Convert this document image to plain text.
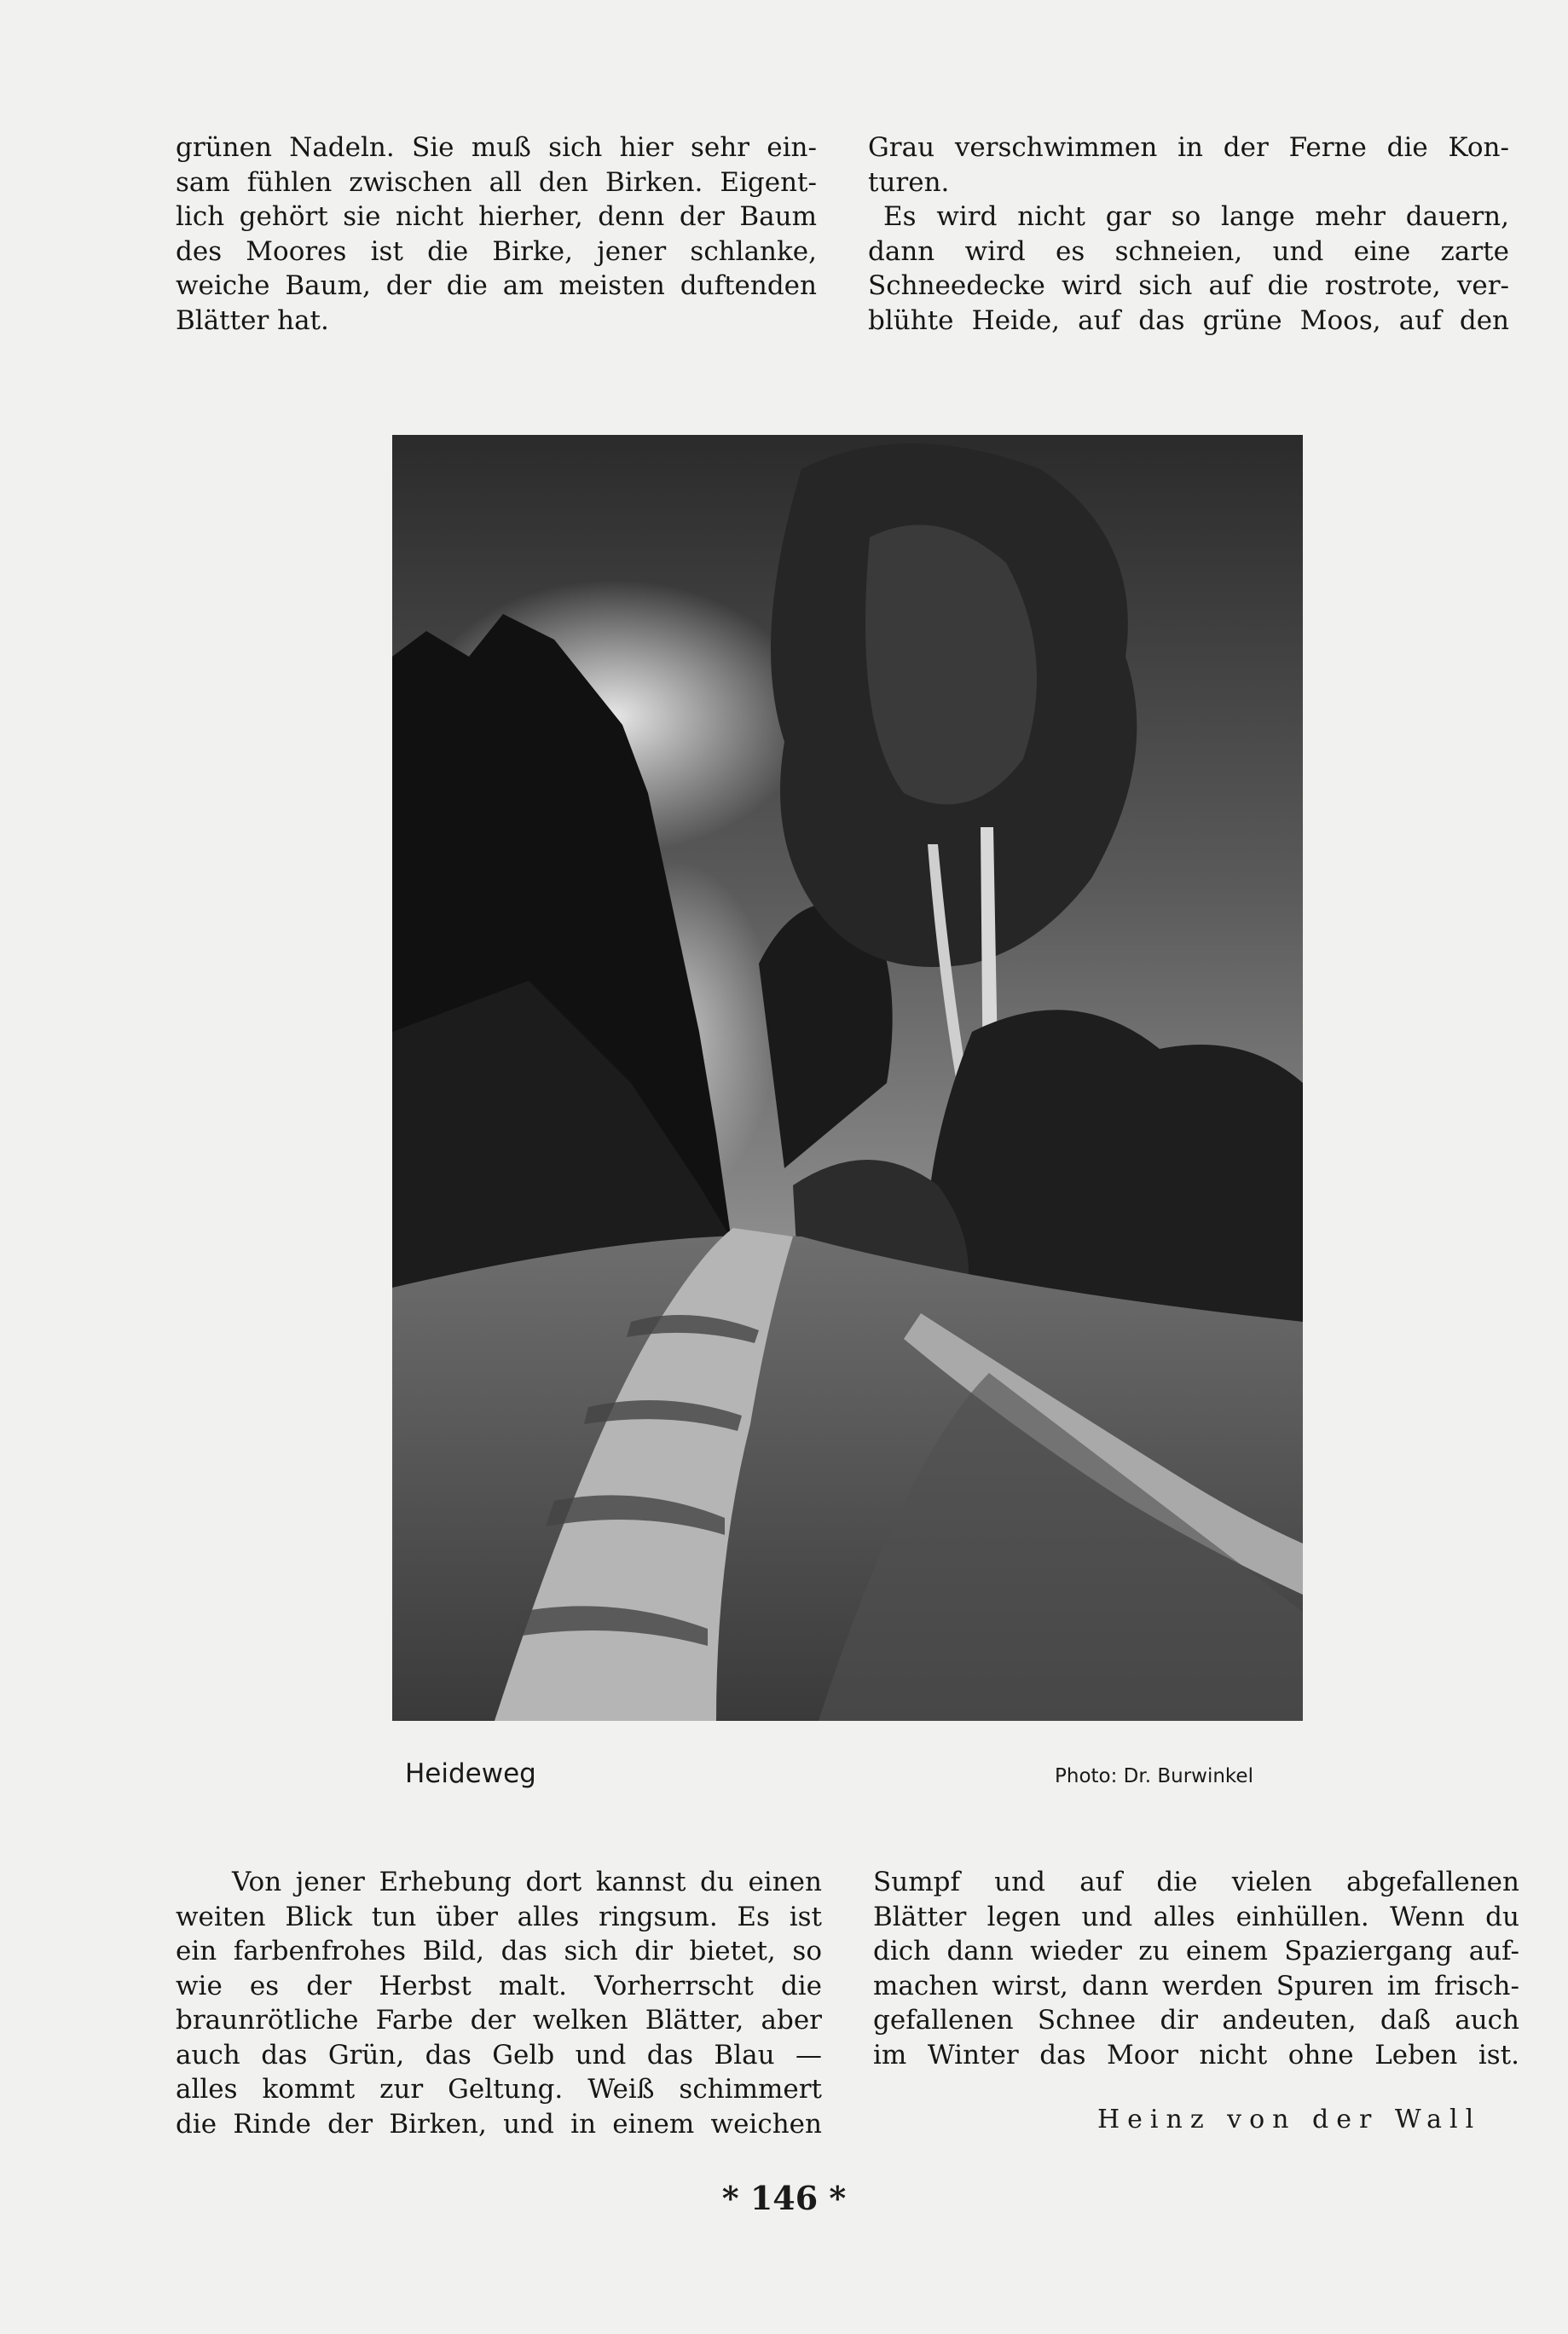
grünen Nadeln. Sie muß sich hier sehr ein-
sam fühlen zwischen all den Birken. Eigent-
lich gehört sie nicht hierher, denn der Baum
des Moores ist die Birke, jener schlanke,
weiche Baum, der die am meisten duftenden
Blätter hat.
Grau verschwimmen in der Ferne die Kon-
turen.
Es wird nicht gar so lange mehr dauern,
dann wird es schneien, und eine zarte
Schneedecke wird sich auf die rostrote, ver-
blühte Heide, auf das grüne Moos, auf den
Heideweg	Photo: Dr. Burwinkel
Von jener Erhebung dort kannst du einen
weiten Blick tun über alles ringsum. Es ist
ein farbenfrohes Bild, das sich dir bietet, so
wie es der Herbst malt. Vorherrscht die
braunrötliche Farbe der welken Blätter, aber
auch das Grün, das Gelb und das Blau —
alles kommt zur Geltung. Weiß schimmert
die Rinde der Birken, und in einem weichen
Sumpf und auf die vielen abgefallenen
Blätter legen und alles einhüllen. Wenn du
dich dann wieder zu einem Spaziergang auf-
machen wirst, dann werden Spuren im frisch-
gefallenen Schnee dir andeuten, daß auch
im Winter das Moor nicht ohne Leben ist.
Heinz von der Wall
* 146 *
